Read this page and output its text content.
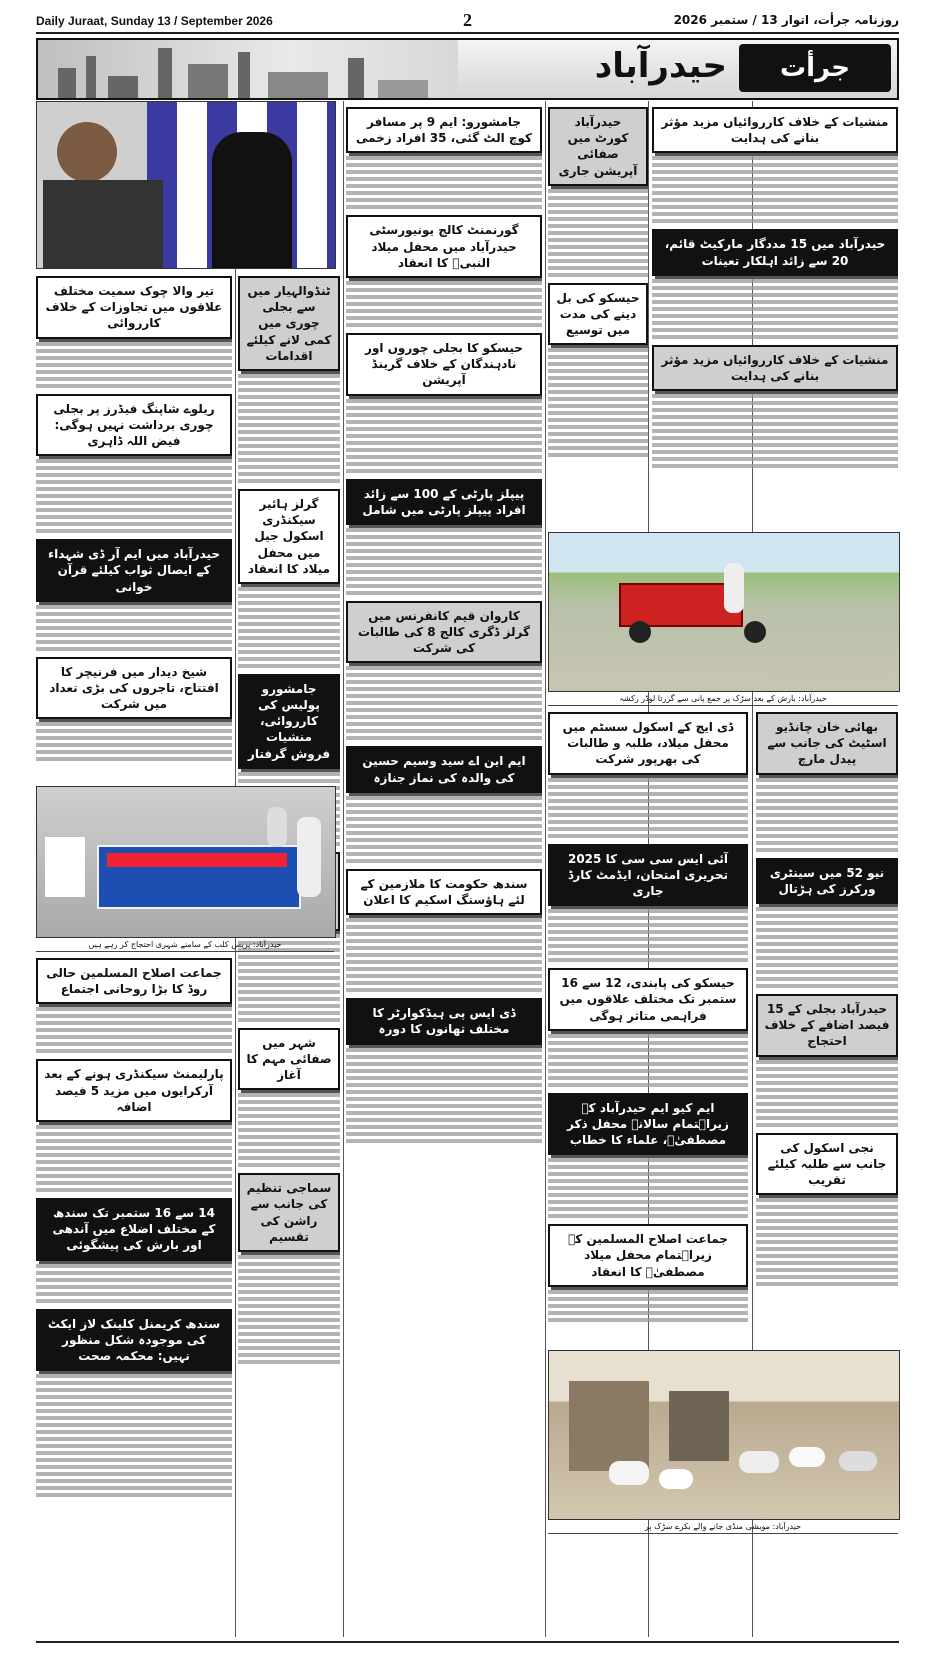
Daily Juraat, Sunday 13 / September 2026	2	روزنامہ جرأت، اتوار 13 / ستمبر 2026
حیدرآباد	جرأت
منشیات کے خلاف کارروائیاں مزید مؤثر بنانے کی ہدایت
حیدرآباد میں 15 مددگار مارکیٹ قائم، 20 سے زائد اہلکار تعینات
منشیات کے خلاف کارروائیاں مزید مؤثر بنانے کی ہدایت
حیدرآباد کورٹ میں صفائی آپریشن جاری
حیسکو کی بل دینے کی مدت میں توسیع
حیدرآباد: بارش کے بعد سڑک پر جمع پانی سے گزرتا لوڈر رکشہ
ڈی ایچ کے اسکول سسٹم میں محفل میلاد، طلبہ و طالبات کی بھرپور شرکت
آئی ایس سی سی کا 2025 تحریری امتحان، ایڈمٹ کارڈ جاری
حیسکو کی پابندی، 12 سے 16 ستمبر تک مختلف علاقوں میں فراہمی متاثر ہوگی
ایم کیو ایم حیدرآباد کے زیراہتمام سالانہ محفل ذکر مصطفیٰؐ، علماء کا خطاب
جماعت اصلاح المسلمین کے زیراہتمام محفل میلاد مصطفیٰؐ کا انعقاد
بھائی خان چانڈیو اسٹیٹ کی جانب سے پیدل مارچ
نیو 52 میں سینٹری ورکرز کی ہڑتال
حیدرآباد بجلی کے 15 فیصد اضافے کے خلاف احتجاج
نجی اسکول کی جانب سے طلبہ کیلئے تقریب
حیدرآباد: مویشی منڈی جانے والے بکرے سڑک پر
جامشورو: ایم 9 پر مسافر کوچ الٹ گئی، 35 افراد زخمی
گورنمنٹ کالج یونیورسٹی حیدرآباد میں محفل میلاد النبیؐ کا انعقاد
حیسکو کا بجلی چوروں اور نادہندگان کے خلاف گرینڈ آپریشن
پیپلز پارٹی کے 100 سے زائد افراد پیپلز پارٹی میں شامل
کاروان قیم کانفرنس میں گرلز ڈگری کالج 8 کی طالبات کی شرکت
ایم این اے سید وسیم حسین کی والدہ کی نماز جنازہ
سندھ حکومت کا ملازمین کے لئے ہاؤسنگ اسکیم کا اعلان
ڈی ایس پی ہیڈکوارٹر کا مختلف تھانوں کا دورہ
ٹنڈوالہیار میں سے بجلی چوری میں کمی لانے کیلئے اقدامات
گرلز ہائیر سیکنڈری اسکول جیل میں محفل میلاد کا انعقاد
جامشورو پولیس کی کارروائی، منشیات فروش گرفتار
شہر میں صفائی مہم کا آغاز
سماجی تنظیم کی جانب سے راشن کی تقسیم
تیر والا چوک سمیت مختلف علاقوں میں تجاوزات کے خلاف کارروائی
ریلوے شاپنگ فیڈرز پر بجلی چوری برداشت نہیں ہوگی: فیض اللہ ڈاہری
حیدرآباد میں ایم آر ڈی شہداء کے ایصال ثواب کیلئے قرآن خوانی
شیخ دیدار میں فرنیچر کا افتتاح، تاجروں کی بڑی تعداد میں شرکت
حیدرآباد: پریس کلب کے سامنے شہری احتجاج کر رہے ہیں
جماعت اصلاح المسلمین حالی روڈ کا بڑا روحانی اجتماع
پارلیمنٹ سیکنڈری ہونے کے بعد آرکرایوں میں مزید 5 فیصد اضافہ
14 سے 16 ستمبر تک سندھ کے مختلف اضلاع میں آندھی اور بارش کی پیشگوئی
سندھ کریمنل کلینک لاز ایکٹ کی موجودہ شکل منظور نہیں: محکمہ صحت
